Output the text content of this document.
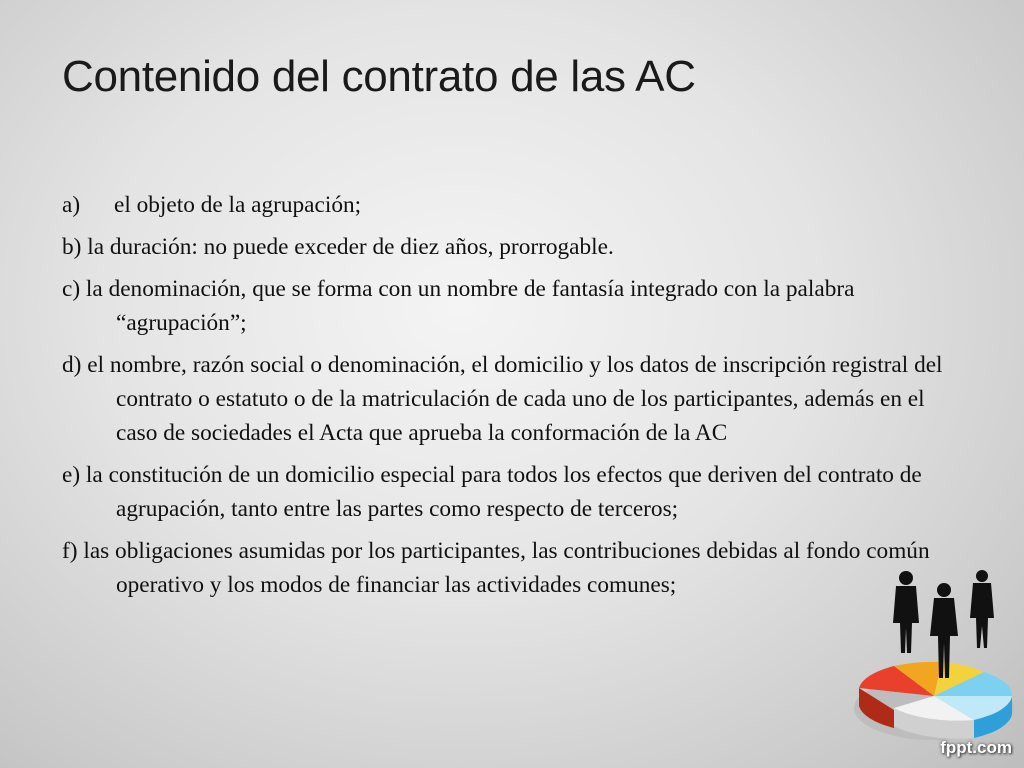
Contenido del contrato de las AC
a)	el objeto de la agrupación;
b) la duración: no puede exceder de diez años, prorrogable.
c) la denominación, que se forma con un nombre de fantasía integrado con la palabra “agrupación”;
d) el nombre, razón social o denominación, el domicilio y los datos de inscripción registral del contrato o estatuto o de la matriculación de cada uno de los participantes, además en el caso de sociedades el Acta que aprueba la conformación de la AC
e) la constitución de un domicilio especial para todos los efectos que deriven del contrato de agrupación, tanto entre las partes como respecto de terceros;
f) las obligaciones asumidas por los participantes, las contribuciones debidas al fondo común operativo y los modos de financiar las actividades comunes;
fppt.com
